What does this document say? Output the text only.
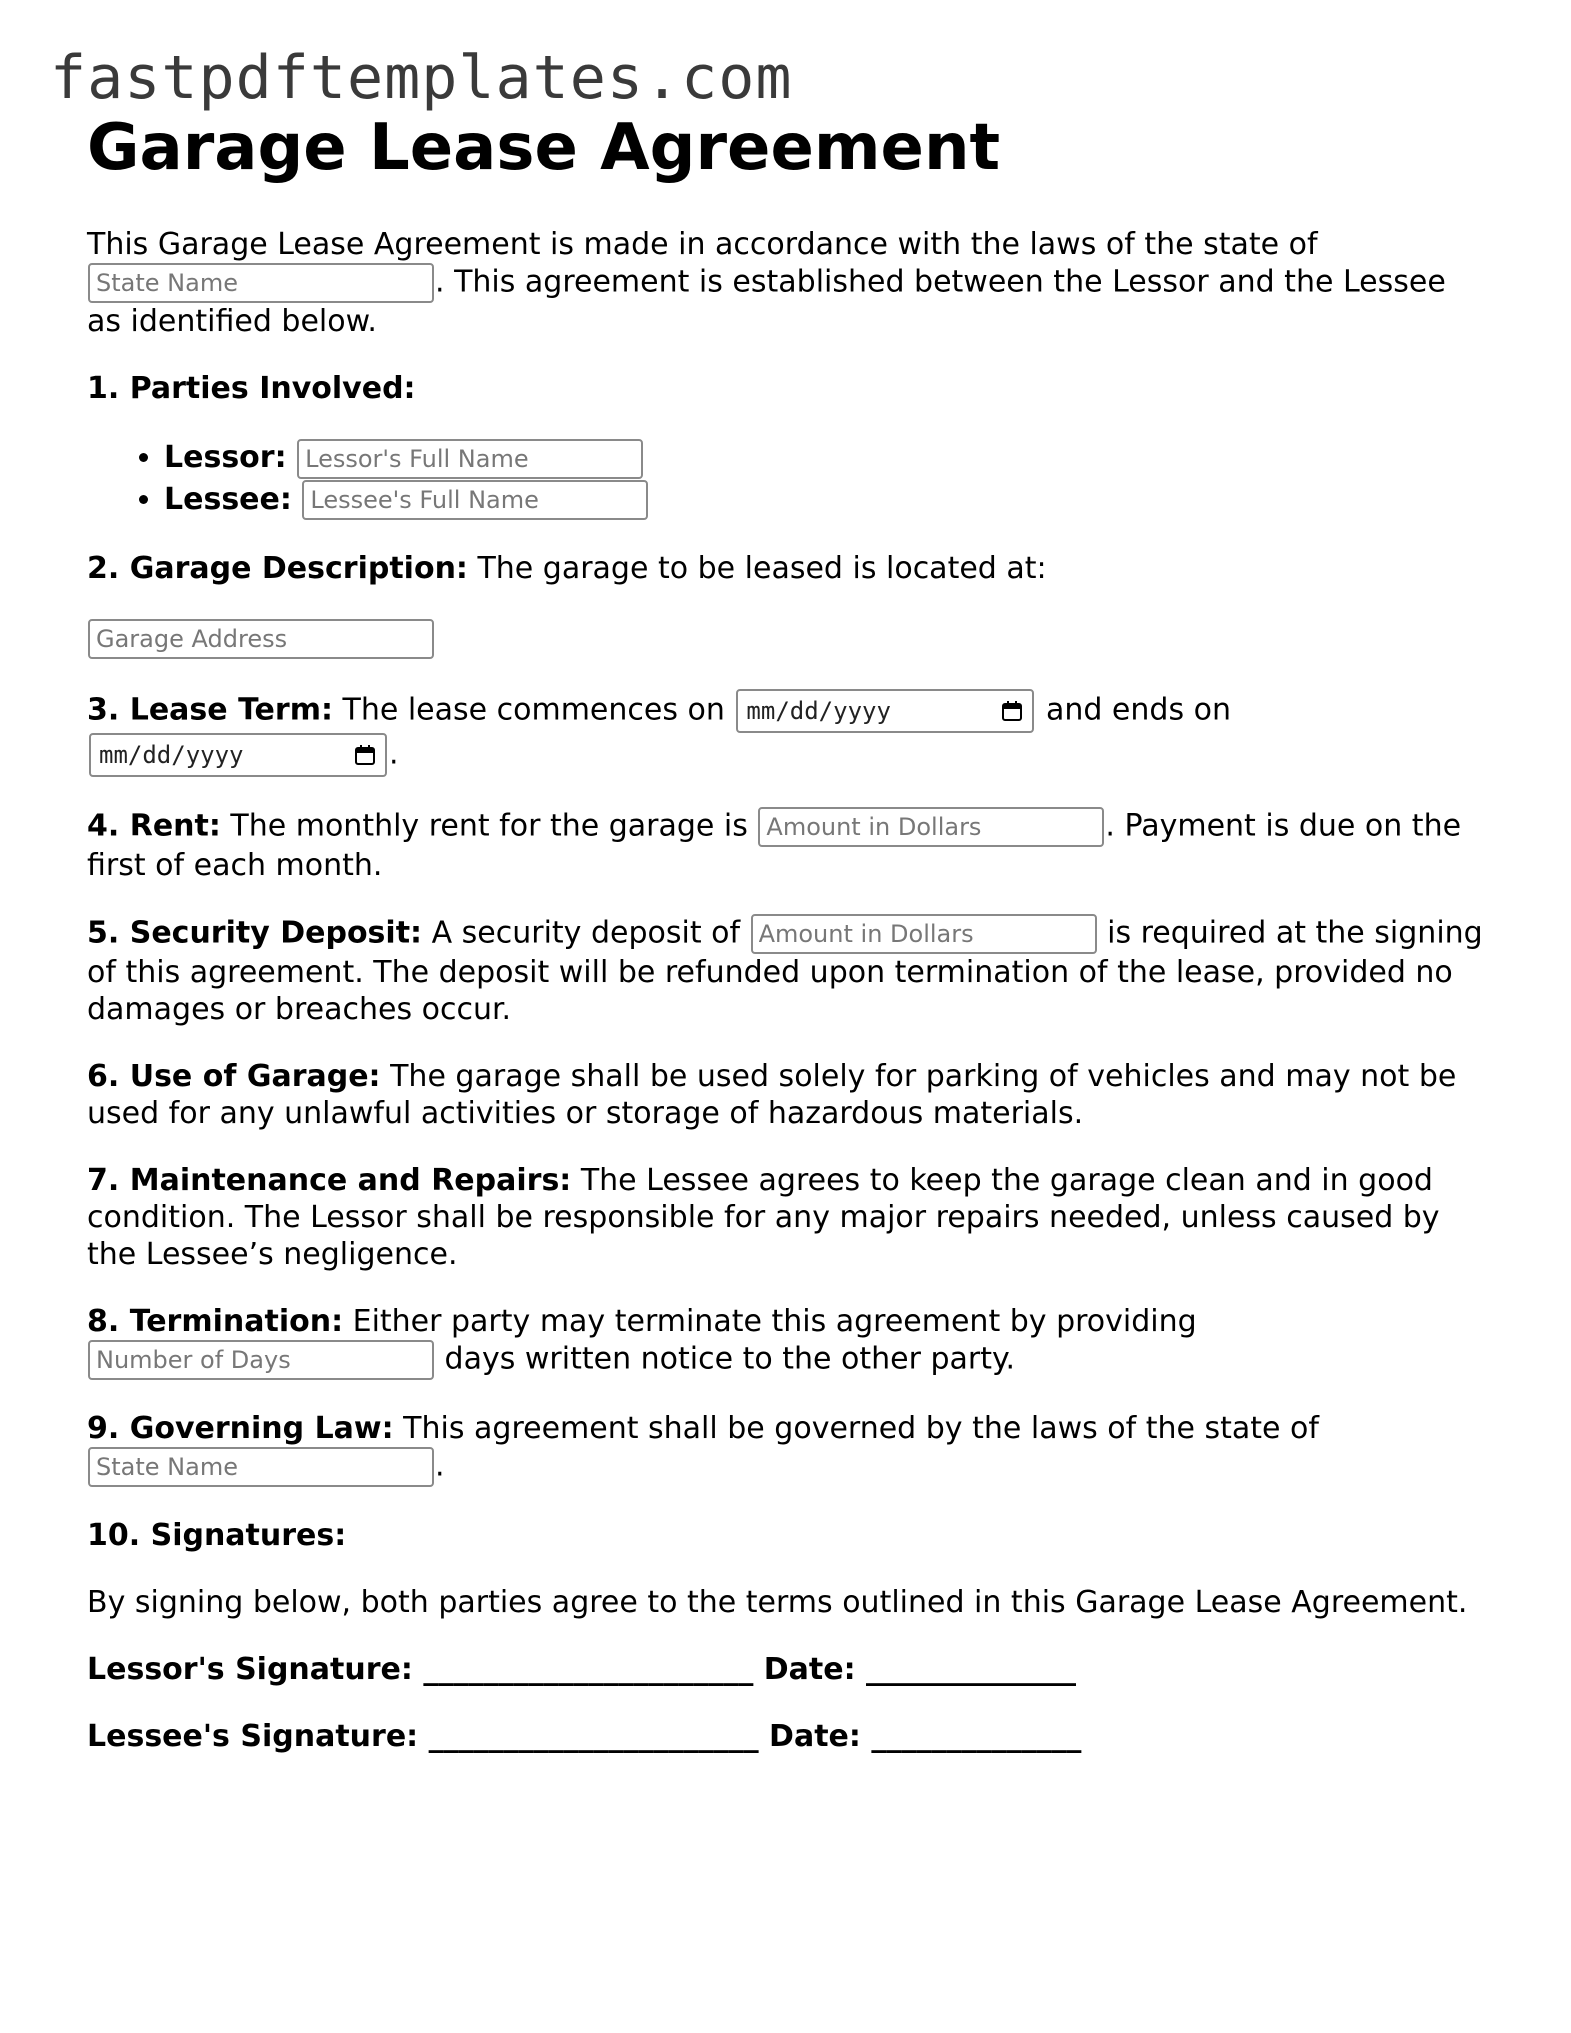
fastpdftemplates.com
Garage Lease Agreement

This Garage Lease Agreement is made in accordance with the laws of the state of
State Name. This agreement is established between the Lessor and the Lessee as identified below.

1. Parties Involved:

• Lessor: Lessor's Full Name
• Lessee: Lessee's Full Name

2. Garage Description: The garage to be leased is located at:

Garage Address

3. Lease Term: The lease commences on mm/dd/yyyy	and ends on

mm/dd/yyyy	.

4. Rent: The monthly rent for the garage is Amount in Dollars	. Payment is due on the first of each month.

5. Security Deposit: A security deposit of Amount in Dollars	is required at the signing of this agreement. The deposit will be refunded upon termination of the lease, provided no damages or breaches occur.

6. Use of Garage: The garage shall be used solely for parking of vehicles and may not be used for any unlawful activities or storage of hazardous materials.

7. Maintenance and Repairs: The Lessee agrees to keep the garage clean and in good condition. The Lessor shall be responsible for any major repairs needed, unless caused by the Lessee’s negligence.

8. Termination: Either party may terminate this agreement by providing
Number of Days days written notice to the other party.

9. Governing Law: This agreement shall be governed by the laws of the state of
State Name.

10. Signatures:

By signing below, both parties agree to the terms outlined in this Garage Lease Agreement.

Lessor's Signature: ______________________ Date: ______________

Lessee's Signature: ______________________ Date: ______________
